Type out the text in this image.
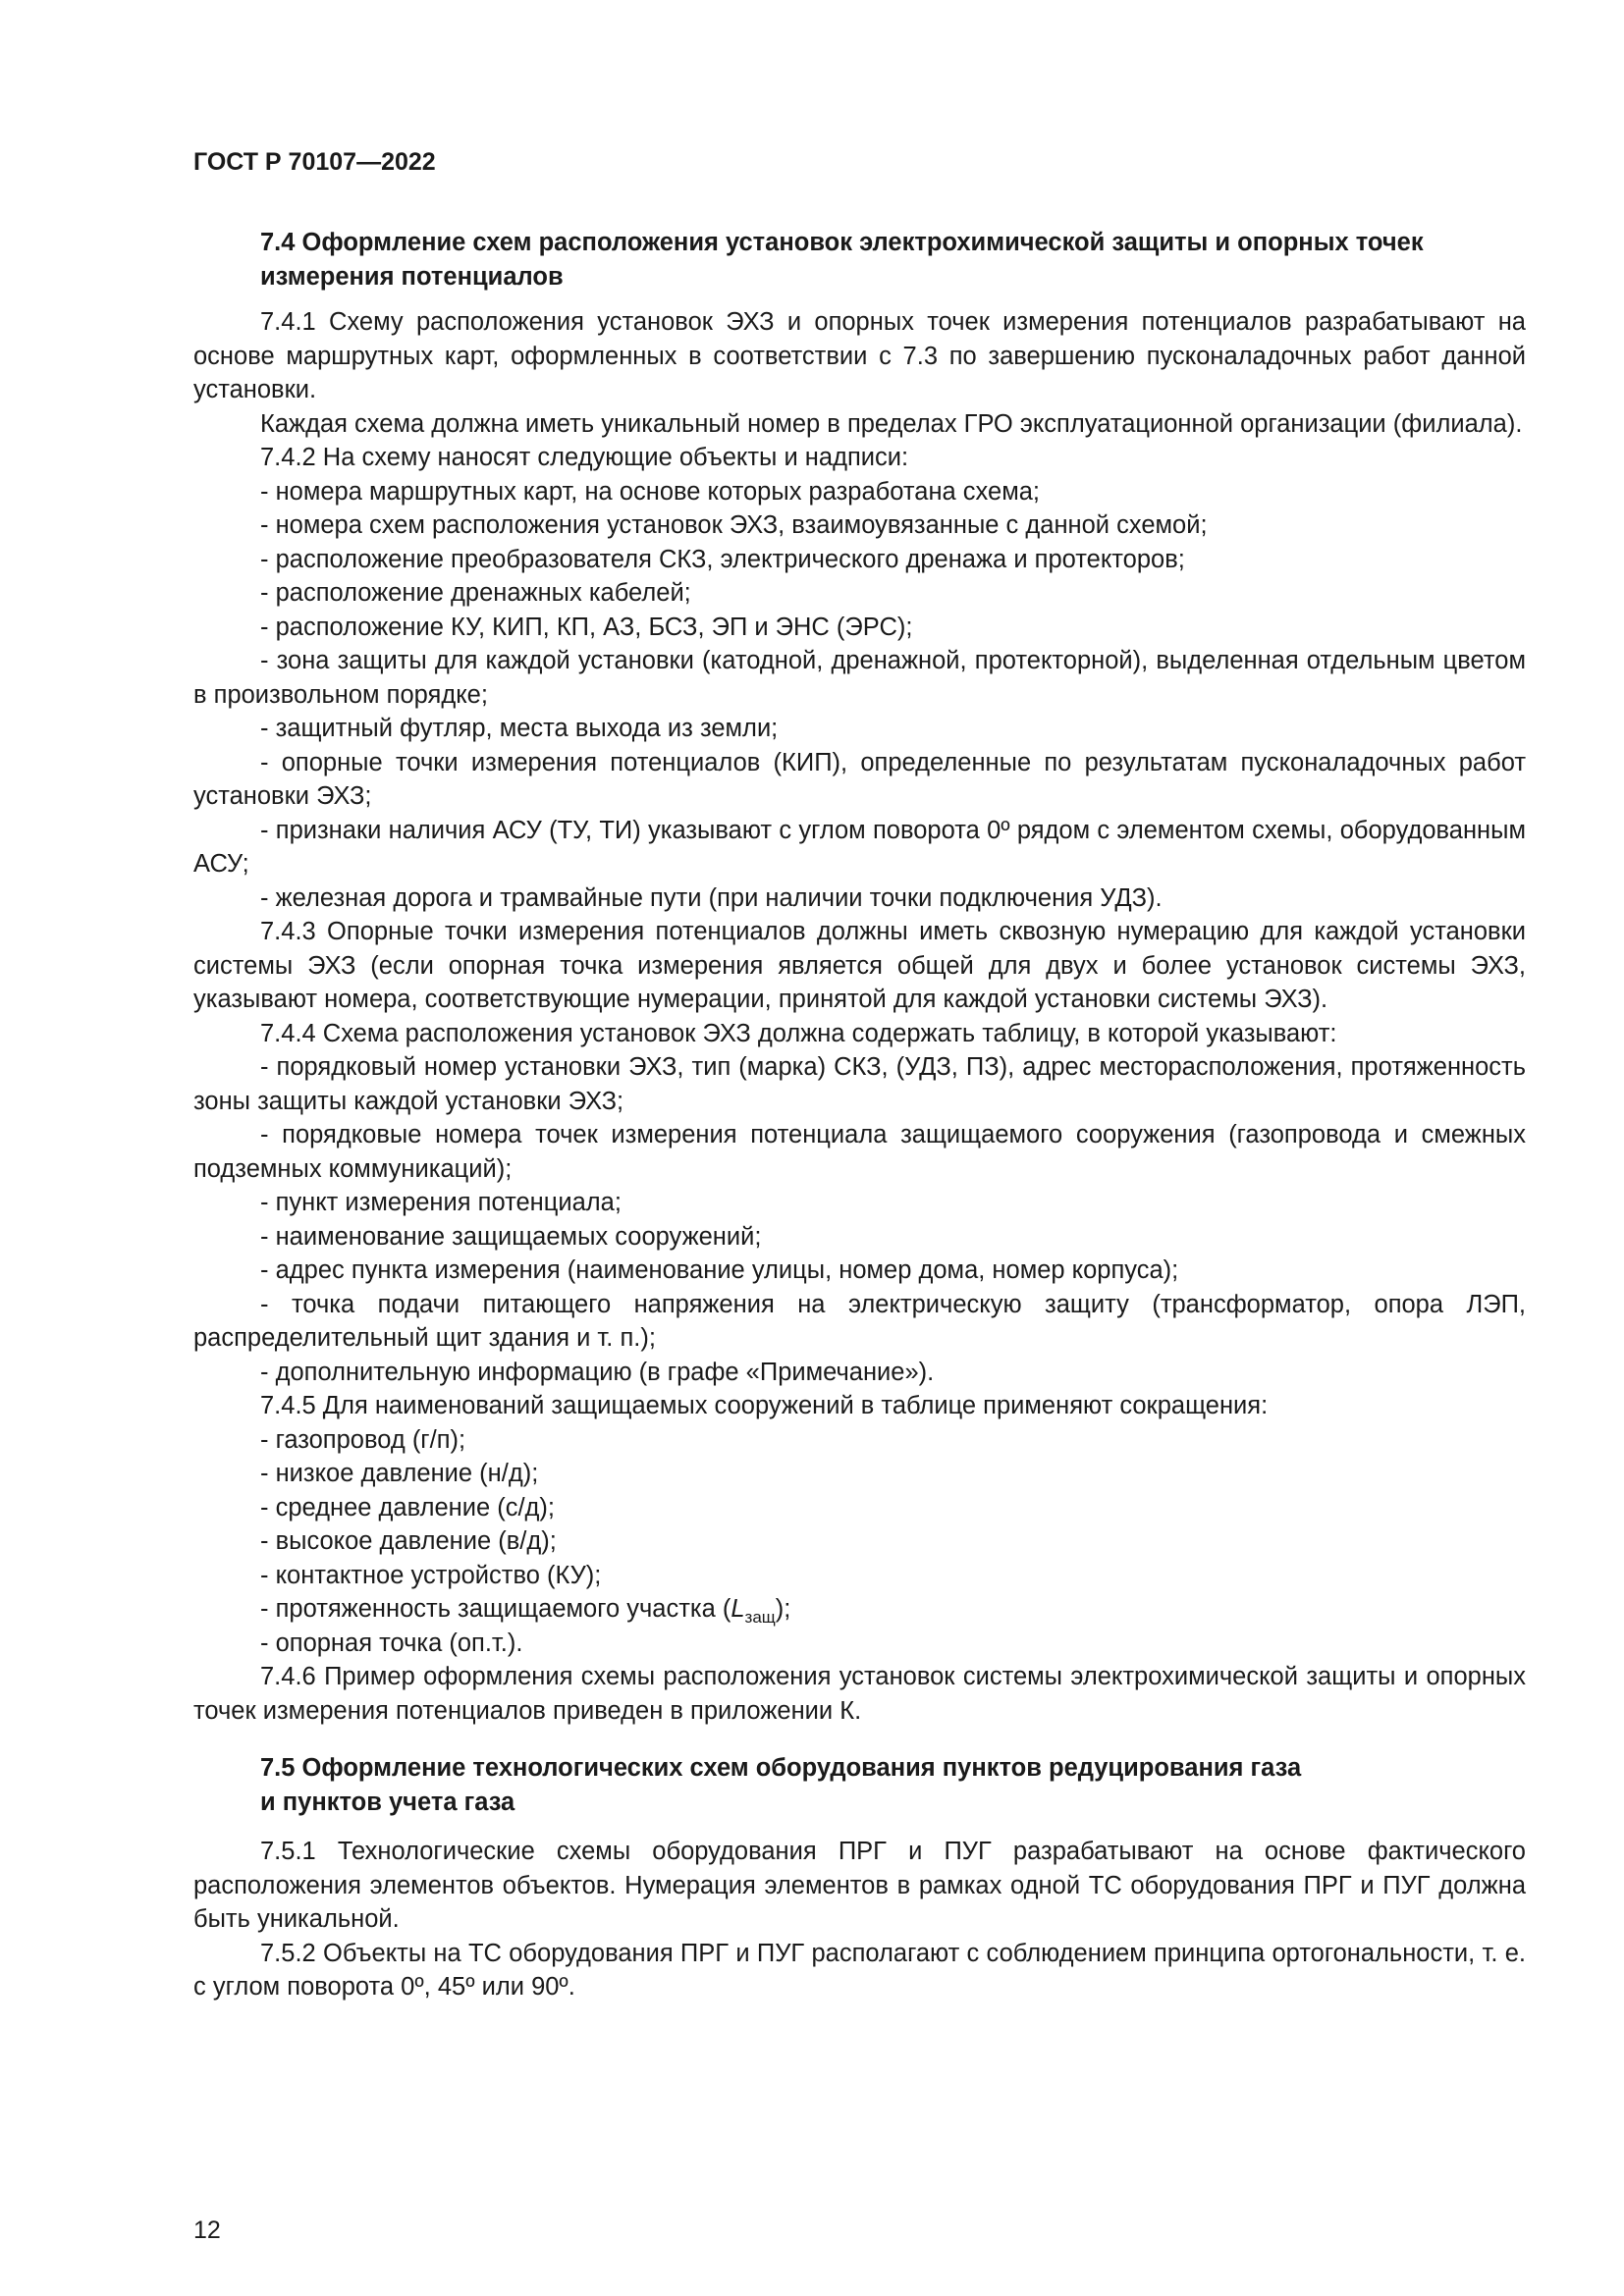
ГОСТ Р 70107—2022
7.4 Оформление схем расположения установок электрохимической защиты и опорных точек измерения потенциалов

7.4.1 Схему расположения установок ЭХЗ и опорных точек измерения потенциалов разрабатывают на основе маршрутных карт, оформленных в соответствии с 7.3 по завершению пусконаладочных работ данной установки.

Каждая схема должна иметь уникальный номер в пределах ГРО эксплуатационной организации (филиала).

7.4.2 На схему наносят следующие объекты и надписи:

- номера маршрутных карт, на основе которых разработана схема;

- номера схем расположения установок ЭХЗ, взаимоувязанные с данной схемой;

- расположение преобразователя СКЗ, электрического дренажа и протекторов;

- расположение дренажных кабелей;

- расположение КУ, КИП, КП, АЗ, БСЗ, ЭП и ЭНС (ЭРС);

- зона защиты для каждой установки (катодной, дренажной, протекторной), выделенная отдельным цветом в произвольном порядке;

- защитный футляр, места выхода из земли;

- опорные точки измерения потенциалов (КИП), определенные по результатам пусконаладочных работ установки ЭХЗ;

- признаки наличия АСУ (ТУ, ТИ) указывают с углом поворота 0º рядом с элементом схемы, оборудованным АСУ;

- железная дорога и трамвайные пути (при наличии точки подключения УДЗ).

7.4.3 Опорные точки измерения потенциалов должны иметь сквозную нумерацию для каждой установки системы ЭХЗ (если опорная точка измерения является общей для двух и более установок системы ЭХЗ, указывают номера, соответствующие нумерации, принятой для каждой установки системы ЭХЗ).

7.4.4 Схема расположения установок ЭХЗ должна содержать таблицу, в которой указывают:

- порядковый номер установки ЭХЗ, тип (марка) СКЗ, (УДЗ, ПЗ), адрес месторасположения, протяженность зоны защиты каждой установки ЭХЗ;

- порядковые номера точек измерения потенциала защищаемого сооружения (газопровода и смежных подземных коммуникаций);

- пункт измерения потенциала;

- наименование защищаемых сооружений;

- адрес пункта измерения (наименование улицы, номер дома, номер корпуса);

- точка подачи питающего напряжения на электрическую защиту (трансформатор, опора ЛЭП, распределительный щит здания и т. п.);

- дополнительную информацию (в графе «Примечание»).

7.4.5 Для наименований защищаемых сооружений в таблице применяют сокращения:

- газопровод (г/п);

- низкое давление (н/д);

- среднее давление (с/д);

- высокое давление (в/д);

- контактное устройство (КУ);

- протяженность защищаемого участка $(L_{защ})$;

- опорная точка (оп.т.).

7.4.6 Пример оформления схемы расположения установок системы электрохимической защиты и опорных точек измерения потенциалов приведен в приложении К.

7.5 Оформление технологических схем оборудования пунктов редуцирования газа
и пунктов учета газа

7.5.1 Технологические схемы оборудования ПРГ и ПУГ разрабатывают на основе фактического расположения элементов объектов. Нумерация элементов в рамках одной ТС оборудования ПРГ и ПУГ должна быть уникальной.

7.5.2 Объекты на ТС оборудования ПРГ и ПУГ располагают с соблюдением принципа ортогональности, т. е. с углом поворота 0º, 45º или 90º.

12
